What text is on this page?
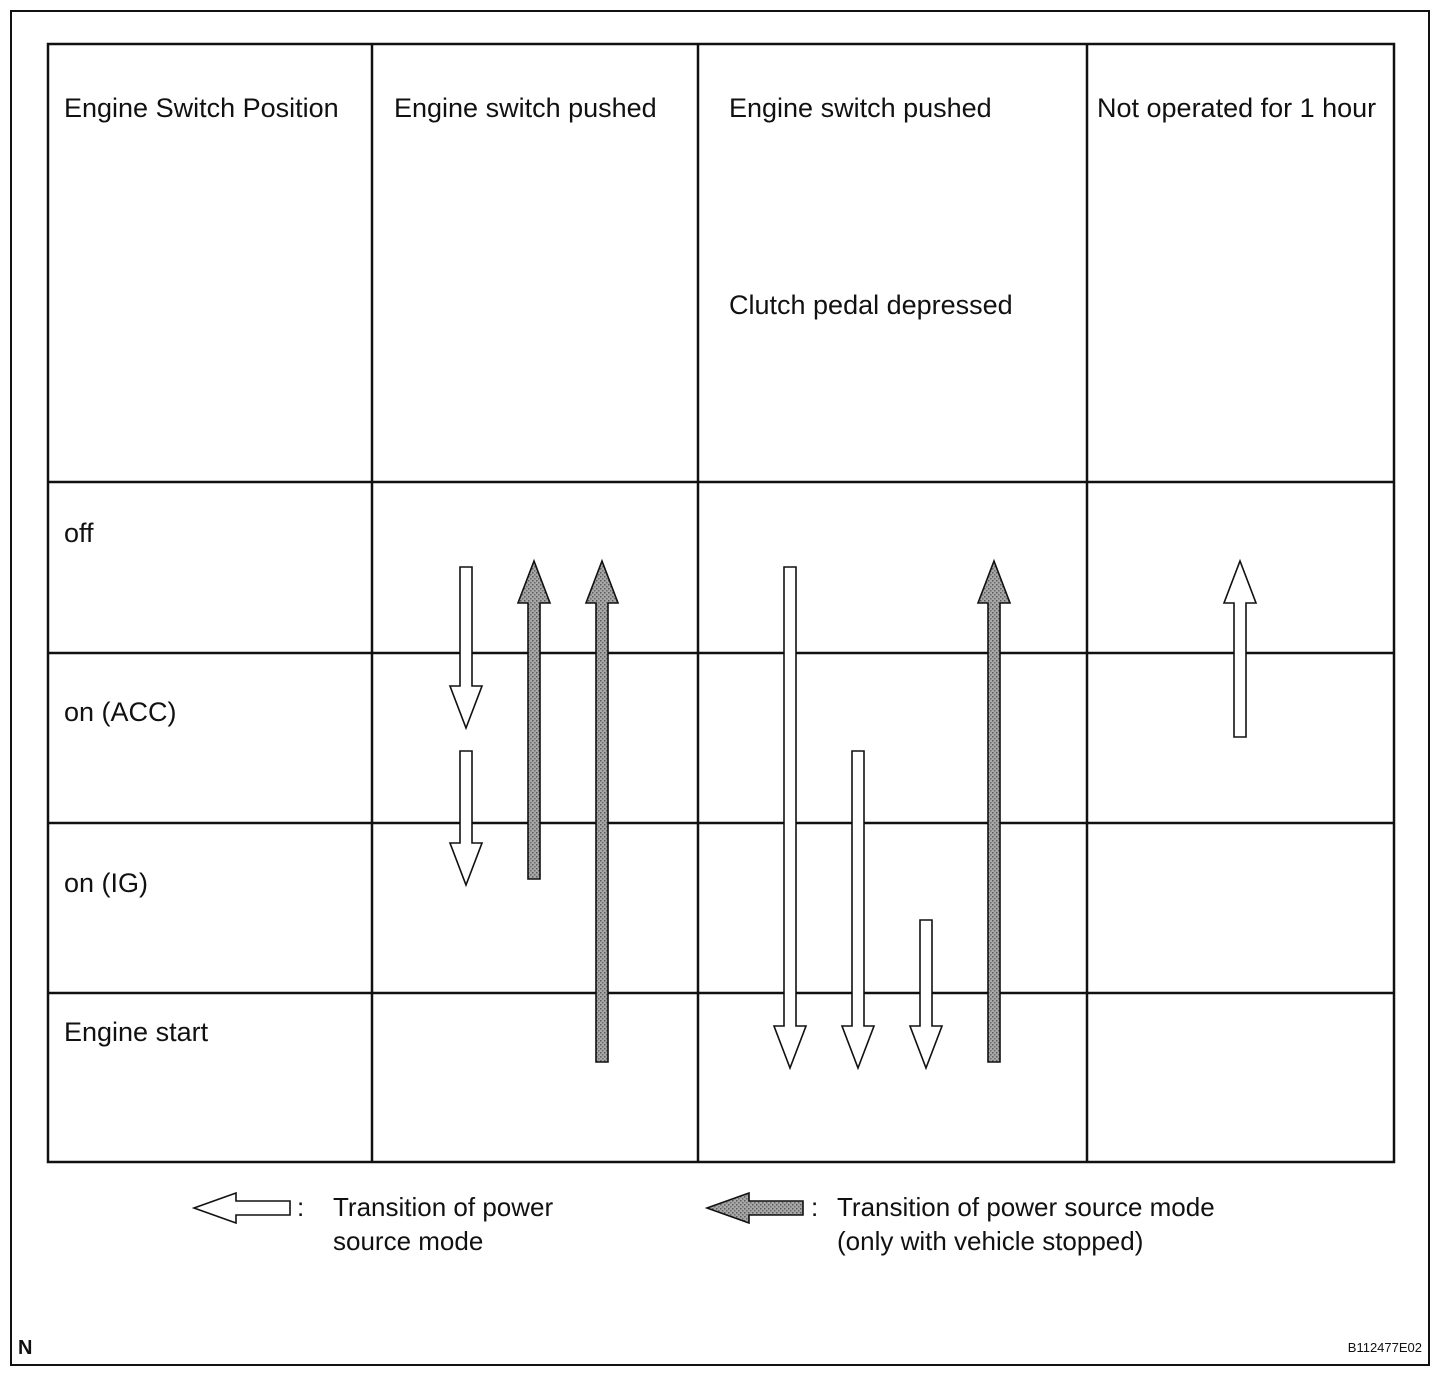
Engine Switch Position Engine switch pushed	Engine switch pushed
Clutch pedal depressed
Not operated for 1 hour
off
on (ACC)
on (IG)
Engine start
: Transition of power
source mode
: Transition of power source mode
(only with vehicle stopped)
N	B112477E02
